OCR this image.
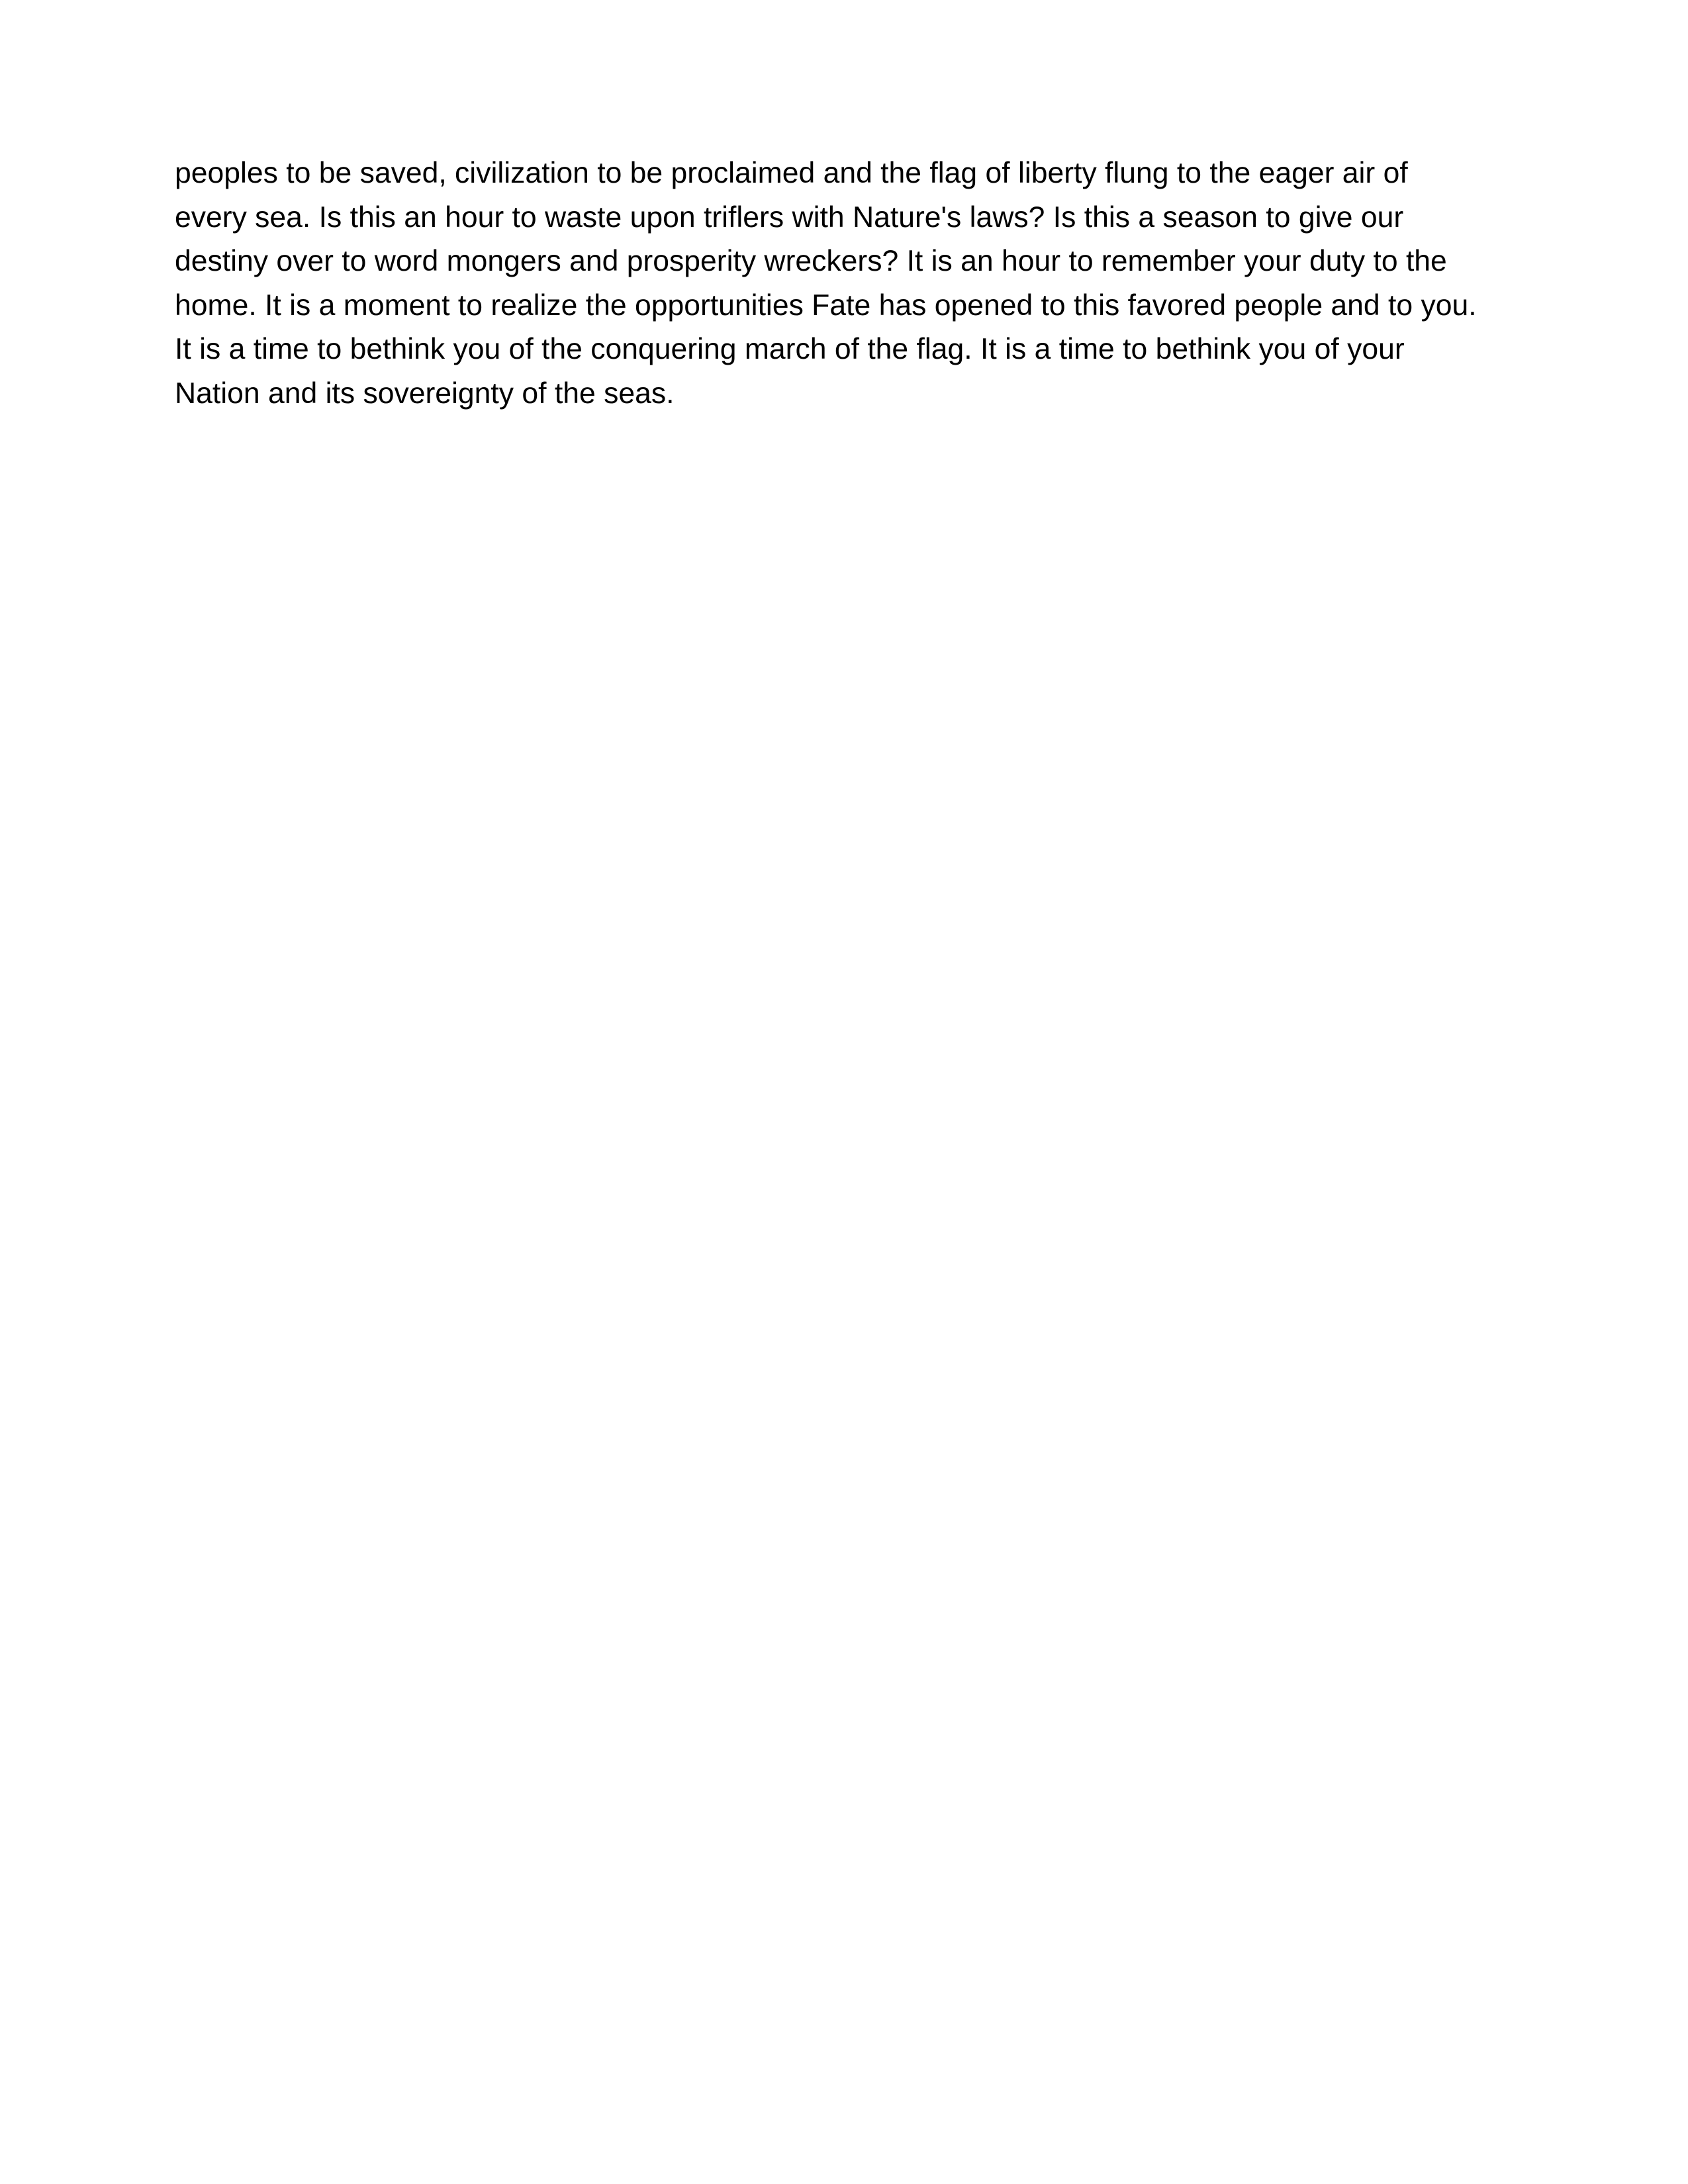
peoples to be saved, civilization to be proclaimed and the flag of liberty flung to the eager air of
every sea. Is this an hour to waste upon triflers with Nature's laws? Is this a season to give our
destiny over to word mongers and prosperity wreckers? It is an hour to remember your duty to the
home. It is a moment to realize the opportunities Fate has opened to this favored people and to you.
It is a time to bethink you of the conquering march of the flag. It is a time to bethink you of your
Nation and its sovereignty of the seas.
